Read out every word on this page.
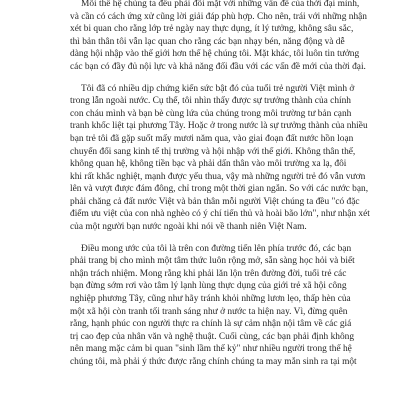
Mỗi thế hệ chúng ta đều phải đối mặt với những vấn đề của thời đại mình,
và cần có cách ứng xử cũng lời giải đáp phù hợp. Cho nên, trái với những nhận
xét bi quan cho rằng lớp trẻ ngày nay thực dụng, ít lý tưởng, không sâu sắc,
thì bản thân tôi vẫn lạc quan cho rằng các bạn nhạy bén, năng động và dễ
dàng hội nhập vào thế giới hơn thế hệ chúng tôi. Mặt khác, tôi luôn tin tưởng
các bạn có đầy đủ nội lực và khả năng đối đầu với các vấn đề mới của thời đại.

Tôi đã có nhiều dịp chứng kiến sức bật đó của tuổi trẻ người Việt mình ở
trong lẫn ngoài nước. Cụ thể, tôi nhìn thấy được sự trưởng thành của chính
con cháu mình và bạn bè cùng lứa của chúng trong môi trường tư bản cạnh
tranh khốc liệt tại phương Tây. Hoặc ở trong nước là sự trưởng thành của nhiều
bạn trẻ tôi đã gặp suốt mấy mươi năm qua, vào giai đoạn đất nước hồn loạn
chuyển đổi sang kinh tế thị trường và hội nhập với thế giới. Không thân thế,
không quan hệ, không tiền bạc và phải dấn thân vào môi trường xa lạ, đôi
khi rất khắc nghiệt, mạnh được yếu thua, vậy mà những người trẻ đó vẫn vươn
lên và vượt được đám đông, chỉ trong một thời gian ngắn. So với các nước bạn,
phải chăng cả đất nước Việt và bản thân mỗi người Việt chúng ta đều "có đặc
điểm ưu việt của con nhà nghèo có ý chí tiến thủ và hoài bão lớn", như nhận xét
của một người bạn nước ngoài khi nói về thanh niên Việt Nam.

Điều mong ước của tôi là trên con đường tiến lên phía trước đó, các bạn
phải trang bị cho mình một tâm thức luôn rộng mở, sẵn sàng học hỏi và biết
nhận trách nhiệm. Mong rằng khi phải lăn lộn trên đường đời, tuổi trẻ các
bạn đừng sớm rơi vào tâm lý lạnh lùng thực dụng của giới trẻ xã hội công
nghiệp phương Tây, cũng như hãy tránh khỏi những lươn lẹo, thấp hèn của
một xã hội còn tranh tối tranh sáng như ở nước ta hiện nay. Vì, đừng quên
rằng, hạnh phúc con người thực ra chính là sự cảm nhận nội tâm về các giá
trị cao đẹp của nhân văn và nghệ thuật. Cuối cùng, các bạn phải định không
nên mang mặc cảm bi quan "sinh lầm thế kỷ" như nhiều người trong thế hệ
chúng tôi, mà phải ý thức được rằng chính chúng ta may mắn sinh ra tại một
